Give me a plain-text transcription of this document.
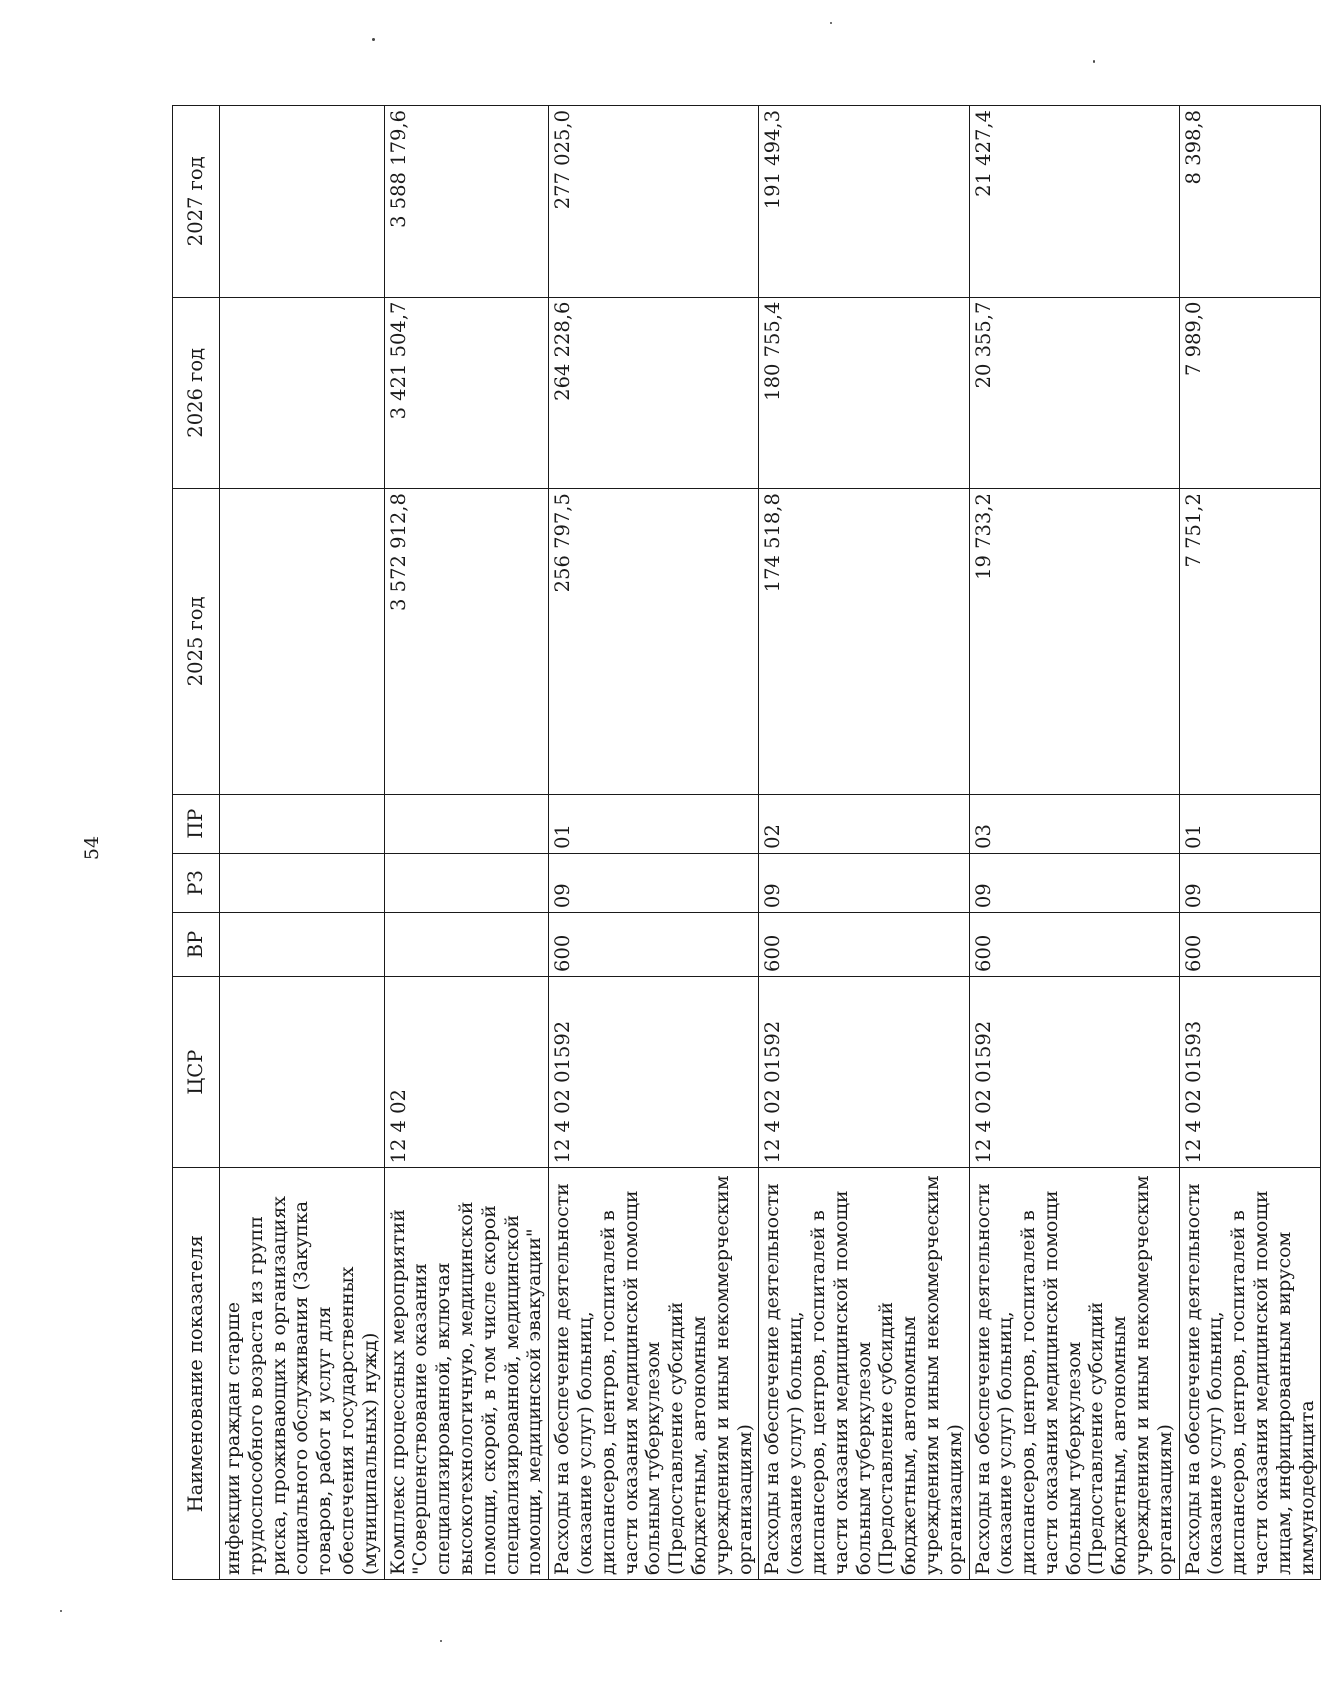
54
Наименование показателя	ЦСР	ВР	РЗ	ПР	2025 год	2026 год	2027 год
инфекции граждан старше трудоспособного возраста из групп риска, проживающих в организациях социального обслуживания (Закупка товаров, работ и услуг для обеспечения государственных (муниципальных) нужд)							
Комплекс процессных мероприятий "Совершенствование оказания специализированной, включая высокотехнологичную, медицинской помощи, скорой, в том числе скорой специализированной, медицинской помощи, медицинской эвакуации"	12 4 02				3 572 912,8	3 421 504,7	3 588 179,6
Расходы на обеспечение деятельности (оказание услуг) больниц, диспансеров, центров, госпиталей в части оказания медицинской помощи больным туберкулезом (Предоставление субсидий бюджетным, автономным учреждениям и иным некоммерческим организациям)	12 4 02 01592	600	09	01	256 797,5	264 228,6	277 025,0
Расходы на обеспечение деятельности (оказание услуг) больниц, диспансеров, центров, госпиталей в части оказания медицинской помощи больным туберкулезом (Предоставление субсидий бюджетным, автономным учреждениям и иным некоммерческим организациям)	12 4 02 01592	600	09	02	174 518,8	180 755,4	191 494,3
Расходы на обеспечение деятельности (оказание услуг) больниц, диспансеров, центров, госпиталей в части оказания медицинской помощи больным туберкулезом (Предоставление субсидий бюджетным, автономным учреждениям и иным некоммерческим организациям)	12 4 02 01592	600	09	03	19 733,2	20 355,7	21 427,4
Расходы на обеспечение деятельности (оказание услуг) больниц, диспансеров, центров, госпиталей в части оказания медицинской помощи лицам, инфицированным вирусом иммунодефицита	12 4 02 01593	600	09	01	7 751,2	7 989,0	8 398,8
